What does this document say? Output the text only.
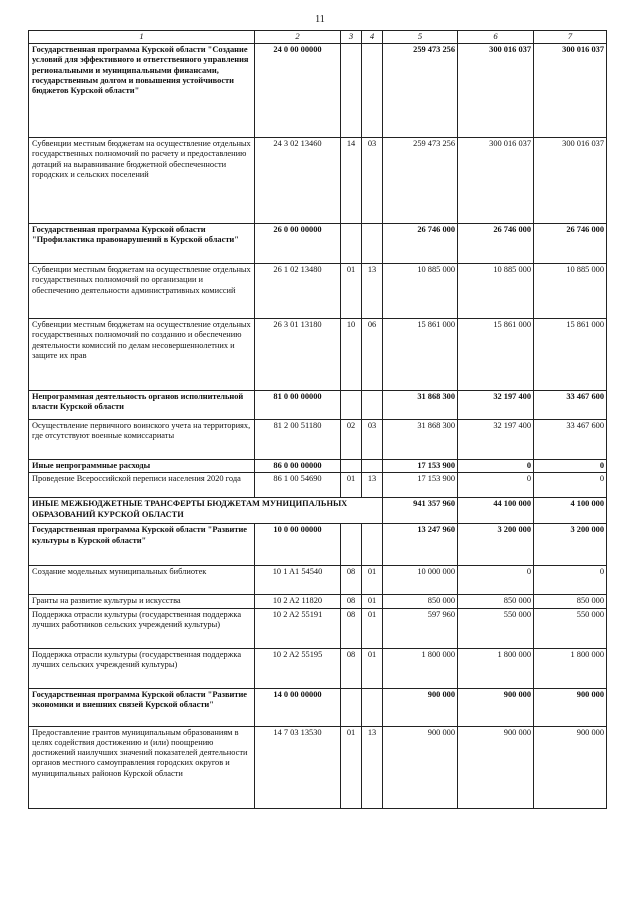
11
1	2	3	4	5	6	7
Государственная программа Курской области "Создание условий для эффективного и ответственного управления региональными и муниципальными финансами, государственным долгом и повышения устойчивости бюджетов Курской области"	24 0 00 00000			259 473 256	300 016 037	300 016 037
Субвенции местным бюджетам на осуществление отдельных государственных полномочий по расчету и предоставлению дотаций на выравнивание бюджетной обеспеченности городских и сельских поселений	24 3 02 13460	14	03	259 473 256	300 016 037	300 016 037
Государственная программа Курской области "Профилактика правонарушений в Курской области"	26 0 00 00000			26 746 000	26 746 000	26 746 000
Субвенции местным бюджетам на осуществление отдельных государственных полномочий по организации и обеспечению деятельности административных комиссий	26 1 02 13480	01	13	10 885 000	10 885 000	10 885 000
Субвенции местным бюджетам на осуществление отдельных государственных полномочий по созданию и обеспечению деятельности комиссий по делам несовершеннолетних и защите их прав	26 3 01 13180	10	06	15 861 000	15 861 000	15 861 000
Непрограммная деятельность органов исполнительной власти Курской области	81 0 00 00000			31 868 300	32 197 400	33 467 600
Осуществление первичного воинского учета на территориях, где отсутствуют военные комиссариаты	81 2 00 51180	02	03	31 868 300	32 197 400	33 467 600
Иные непрограммные расходы	86 0 00 00000			17 153 900	0	0
Проведение Всероссийской переписи населения 2020 года	86 1 00 54690	01	13	17 153 900	0	0
ИНЫЕ МЕЖБЮДЖЕТНЫЕ ТРАНСФЕРТЫ БЮДЖЕТАМ МУНИЦИПАЛЬНЫХ ОБРАЗОВАНИЙ КУРСКОЙ ОБЛАСТИ				941 357 960	44 100 000	4 100 000
Государственная программа Курской области "Развитие культуры в Курской области"	10 0 00 00000			13 247 960	3 200 000	3 200 000
Создание модельных муниципальных библиотек	10 1 A1 54540	08	01	10 000 000	0	0
Гранты на развитие культуры и искусства	10 2 A2 11820	08	01	850 000	850 000	850 000
Поддержка отрасли культуры (государственная поддержка лучших работников сельских учреждений культуры)	10 2 A2 55191	08	01	597 960	550 000	550 000
Поддержка отрасли культуры (государственная поддержка лучших сельских учреждений культуры)	10 2 A2 55195	08	01	1 800 000	1 800 000	1 800 000
Государственная программа Курской области "Развитие экономики и внешних связей Курской области"	14 0 00 00000			900 000	900 000	900 000
Предоставление грантов муниципальным образованиям в целях содействия достижению и (или) поощрению достижений наилучших значений показателей деятельности органов местного самоуправления городских округов и муниципальных районов Курской области	14 7 03 13530	01	13	900 000	900 000	900 000
